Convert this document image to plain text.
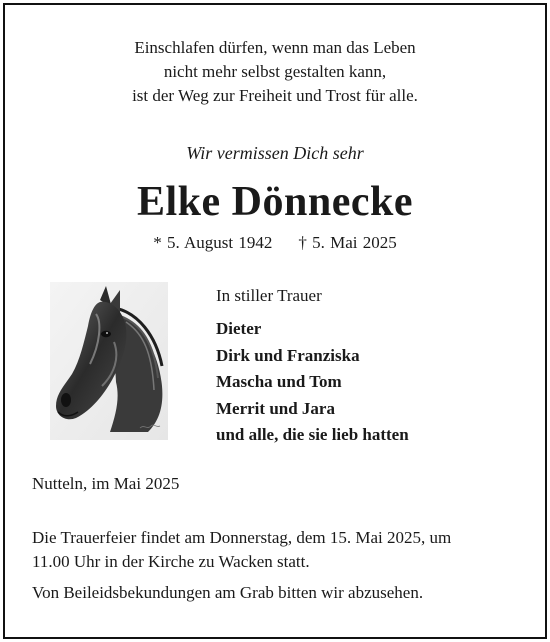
Einschlafen dürfen, wenn man das Leben
nicht mehr selbst gestalten kann,
ist der Weg zur Freiheit und Trost für alle.
Wir vermissen Dich sehr
Elke Dönnecke
* 5. August 1942 † 5. Mai 2025
In stiller Trauer
Dieter
Dirk und Franziska
Mascha und Tom
Merrit und Jara
und alle, die sie lieb hatten
Nutteln, im Mai 2025
Die Trauerfeier findet am Donnerstag, dem 15. Mai 2025, um
11.00 Uhr in der Kirche zu Wacken statt.
Von Beileidsbekundungen am Grab bitten wir abzusehen.
